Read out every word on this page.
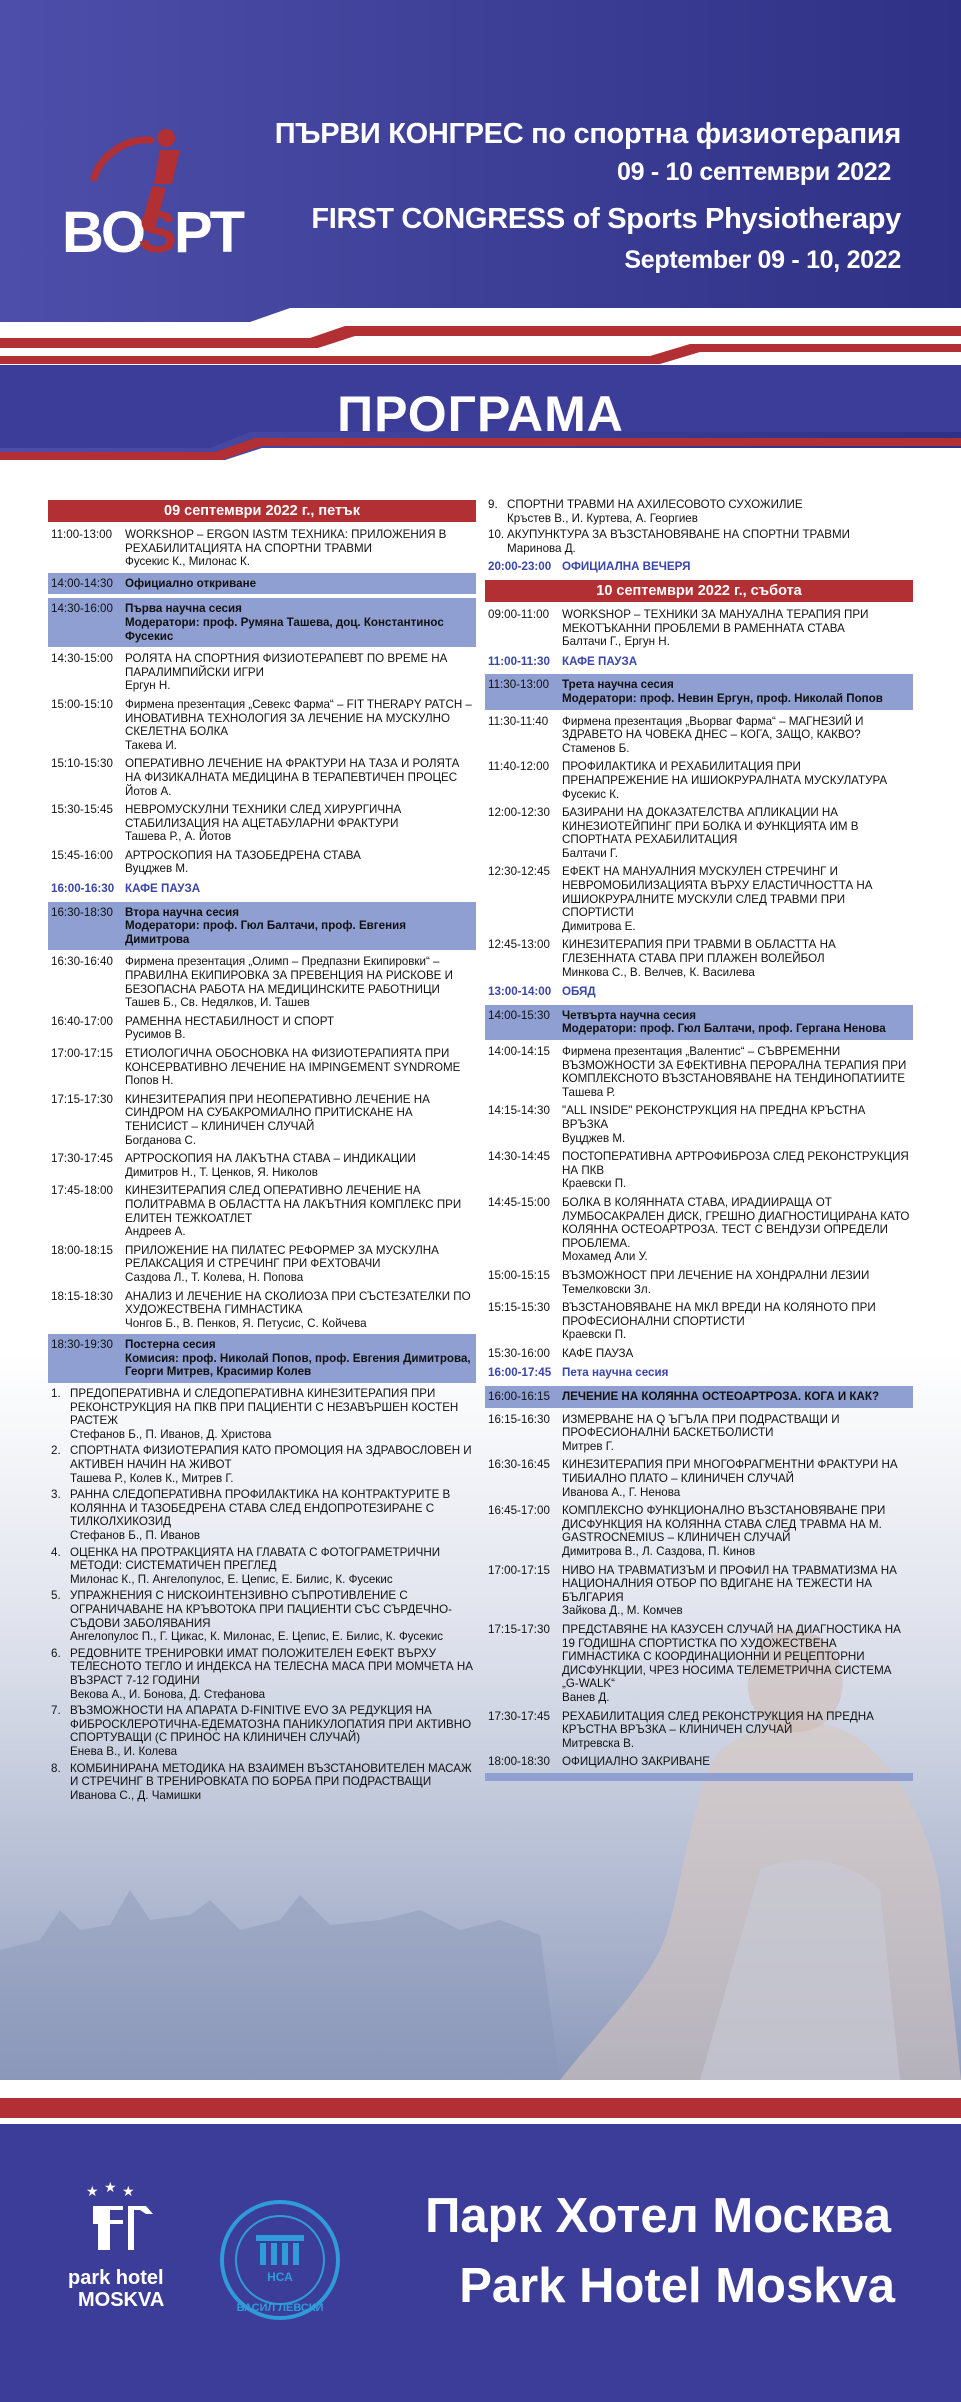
BO
S
PT
ПЪРВИ КОНГРЕС по спортна физиотерапия
09 - 10 септември 2022
FIRST CONGRESS of Sports Physiotherapy
September 09 - 10, 2022
ПРОГРАМА
09 септември 2022 г., петък
11:00-13:00	WORKSHOP – ERGON IASTM ТЕХНИКА: ПРИЛОЖЕНИЯ В РЕХАБИЛИТАЦИЯТА НА СПОРТНИ ТРАВМИ
Фусекис К., Милонас К.
14:00-14:30	Официално откриване
14:30-16:00	Първа научна сесия
Модератори: проф. Румяна Ташева, доц. Константинос Фусекис
14:30-15:00	РОЛЯТА НА СПОРТНИЯ ФИЗИОТЕРАПЕВТ ПО ВРЕМЕ НА ПАРАЛИМПИЙСКИ ИГРИ
Ергун Н.
15:00-15:10	Фирмена презентация „Севекс Фарма“ – FIT THERAPY PATCH – ИНОВАТИВНА ТЕХНОЛОГИЯ ЗА ЛЕЧЕНИЕ НА МУСКУЛНО СКЕЛЕТНА БОЛКА
Такева И.
15:10-15:30	ОПЕРАТИВНО ЛЕЧЕНИЕ НА ФРАКТУРИ НА ТАЗА И РОЛЯТА НА ФИЗИКАЛНАТА МЕДИЦИНА В ТЕРАПЕВТИЧЕН ПРОЦЕС
Йотов А.
15:30-15:45	НЕВРОМУСКУЛНИ ТЕХНИКИ СЛЕД ХИРУРГИЧНА СТАБИЛИЗАЦИЯ НА АЦЕТАБУЛАРНИ ФРАКТУРИ
Ташева Р., А. Йотов
15:45-16:00	АРТРОСКОПИЯ НА ТАЗОБЕДРЕНА СТАВА
Вуцджев М.
16:00-16:30 КАФЕ ПАУЗА
16:30-18:30	Втора научна сесия
Модератори: проф. Гюл Балтачи, проф. Евгения Димитрова
16:30-16:40	Фирмена презентация „Олимп – Предпазни Екипировки“ – ПРАВИЛНА ЕКИПИРОВКА ЗА ПРЕВЕНЦИЯ НА РИСКОВЕ И БЕЗОПАСНА РАБОТА НА МЕДИЦИНСКИТЕ РАБОТНИЦИ
Ташев Б., Св. Недялков, И. Ташев
16:40-17:00	РАМЕННА НЕСТАБИЛНОСТ И СПОРТ
Русимов В.
17:00-17:15	ЕТИОЛОГИЧНА ОБОСНОВКА НА ФИЗИОТЕРАПИЯТА ПРИ КОНСЕРВАТИВНО ЛЕЧЕНИЕ НА IMPINGEMENT SYNDROME
Попов Н.
17:15-17:30	КИНЕЗИТЕРАПИЯ ПРИ НЕОПЕРАТИВНО ЛЕЧЕНИЕ НА СИНДРОМ НА СУБАКРОМИАЛНО ПРИТИСКАНЕ НА ТЕНИСИСТ – КЛИНИЧЕН СЛУЧАЙ
Богданова С.
17:30-17:45	АРТРОСКОПИЯ НА ЛАКЪТНА СТАВА – ИНДИКАЦИИ
Димитров Н., Т. Ценков, Я. Николов
17:45-18:00	КИНЕЗИТЕРАПИЯ СЛЕД ОПЕРАТИВНО ЛЕЧЕНИЕ НА ПОЛИТРАВМА В ОБЛАСТТА НА ЛАКЪТНИЯ КОМПЛЕКС ПРИ ЕЛИТЕН ТЕЖКОАТЛЕТ
Андреев А.
18:00-18:15	ПРИЛОЖЕНИЕ НА ПИЛАТЕС РЕФОРМЕР ЗА МУСКУЛНА РЕЛАКСАЦИЯ И СТРЕЧИНГ ПРИ ФЕХТОВАЧИ
Саздова Л., Т. Колева, Н. Попова
18:15-18:30	АНАЛИЗ И ЛЕЧЕНИЕ НА СКОЛИОЗА ПРИ СЪСТЕЗАТЕЛКИ ПО ХУДОЖЕСТВЕНА ГИМНАСТИКА
Чонгов Б., В. Пенков, Я. Петусис, С. Койчева
18:30-19:30	Постерна сесия
Комисия: проф. Николай Попов, проф. Евгения Димитрова, Георги Митрев, Красимир Колев
1. ПРЕДОПЕРАТИВНА И СЛЕДОПЕРАТИВНА КИНЕЗИТЕРАПИЯ ПРИ РЕКОНСТРУКЦИЯ НА ПКВ ПРИ ПАЦИЕНТИ С НЕЗАВЪРШЕН КОСТЕН РАСТЕЖ
Стефанов Б., П. Иванов, Д. Христова
2. СПОРТНАТА ФИЗИОТЕРАПИЯ КАТО ПРОМОЦИЯ НА ЗДРАВОСЛОВЕН И АКТИВЕН НАЧИН НА ЖИВОТ
Ташева Р., Колев К., Митрев Г.
3. РАННА СЛЕДОПЕРАТИВНА ПРОФИЛАКТИКА НА КОНТРАКТУРИТЕ В КОЛЯННА И ТАЗОБЕДРЕНА СТАВА СЛЕД ЕНДОПРОТЕЗИРАНЕ С ТИЛКОЛХИКОЗИД
Стефанов Б., П. Иванов
4. ОЦЕНКА НА ПРОТРАКЦИЯТА НА ГЛАВАТА С ФОТОГРАМЕТРИЧНИ МЕТОДИ: СИСТЕМАТИЧЕН ПРЕГЛЕД
Милонас К., П. Ангелопулос, Е. Цепис, Е. Билис, К. Фусекис
5. УПРАЖНЕНИЯ С НИСКОИНТЕНЗИВНО СЪПРОТИВЛЕНИЕ С ОГРАНИЧАВАНЕ НА КРЪВОТОКА ПРИ ПАЦИЕНТИ СЪС СЪРДЕЧНО-СЪДОВИ ЗАБОЛЯВАНИЯ
Ангелопулос П., Г. Цикас, К. Милонас, Е. Цепис, Е. Билис, К. Фусекис
6. РЕДОВНИТЕ ТРЕНИРОВКИ ИМАТ ПОЛОЖИТЕЛЕН ЕФЕКТ ВЪРХУ ТЕЛЕСНОТО ТЕГЛО И ИНДЕКСА НА ТЕЛЕСНА МАСА ПРИ МОМЧЕТА НА ВЪЗРАСТ 7-12 ГОДИНИ
Векова А., И. Бонова, Д. Стефанова
7. ВЪЗМОЖНОСТИ НА АПАРАТА D-FINITIVE EVO ЗА РЕДУКЦИЯ НА ФИБРОСКЛЕРОТИЧНА-ЕДЕМАТОЗНА ПАНИКУЛОПАТИЯ ПРИ АКТИВНО СПОРТУВАЩИ (С ПРИНОС НА КЛИНИЧЕН СЛУЧАЙ)
Енева В., И. Колева
8. КОМБИНИРАНА МЕТОДИКА НА ВЗАИМЕН ВЪЗСТАНОВИТЕЛЕН МАСАЖ И СТРЕЧИНГ В ТРЕНИРОВКАТА ПО БОРБА ПРИ ПОДРАСТВАЩИ
Иванова С., Д. Чамишки
9. СПОРТНИ ТРАВМИ НА АХИЛЕСОВОТО СУХОЖИЛИЕ
Кръстев В., И. Куртева, А. Георгиев
10. АКУПУНКТУРА ЗА ВЪЗСТАНОВЯВАНЕ НА СПОРТНИ ТРАВМИ
Маринова Д.
20:00-23:00 ОФИЦИАЛНА ВЕЧЕРЯ
10 септември 2022 г., събота
09:00-11:00	WORKSHOP – ТЕХНИКИ ЗА МАНУАЛНА ТЕРАПИЯ ПРИ МЕКОТЪКАННИ ПРОБЛЕМИ В РАМЕННАТА СТАВА
Балтачи Г., Ергун Н.
11:00-11:30	КАФЕ ПАУЗА
11:30-13:00	Трета научна сесия
Модератори: проф. Невин Ергун, проф. Николай Попов
11:30-11:40	Фирмена презентация „Вьорваг Фарма“ – МАГНЕЗИЙ И ЗДРАВЕТО НА ЧОВЕКА ДНЕС – КОГА, ЗАЩО, КАКВО?
Стаменов Б.
11:40-12:00	ПРОФИЛАКТИКА И РЕХАБИЛИТАЦИЯ ПРИ ПРЕНАПРЕЖЕНИЕ НА ИШИОКРУРАЛНАТА МУСКУЛАТУРА
Фусекис К.
12:00-12:30	БАЗИРАНИ НА ДОКАЗАТЕЛСТВА АПЛИКАЦИИ НА КИНЕЗИОТЕЙПИНГ ПРИ БОЛКА И ФУНКЦИЯТА ИМ В СПОРТНАТА РЕХАБИЛИТАЦИЯ
Балтачи Г.
12:30-12:45	ЕФЕКТ НА МАНУАЛНИЯ МУСКУЛЕН СТРЕЧИНГ И НЕВРОМОБИЛИЗАЦИЯТА ВЪРХУ ЕЛАСТИЧНОСТТА НА ИШИОКРУРАЛНИТЕ МУСКУЛИ СЛЕД ТРАВМИ ПРИ СПОРТИСТИ
Димитрова Е.
12:45-13:00	КИНЕЗИТЕРАПИЯ ПРИ ТРАВМИ В ОБЛАСТТА НА ГЛЕЗЕННАТА СТАВА ПРИ ПЛАЖЕН ВОЛЕЙБОЛ
Минкова С., В. Велчев, К. Василева
13:00-14:00 ОБЯД
14:00-15:30	Четвърта научна сесия
Модератори: проф. Гюл Балтачи, проф. Гергана Ненова
14:00-14:15	Фирмена презентация „Валентис“ – СЪВРЕМЕННИ ВЪЗМОЖНОСТИ ЗА ЕФЕКТИВНА ПЕРОРАЛНА ТЕРАПИЯ ПРИ КОМПЛЕКСНОТО ВЪЗСТАНОВЯВАНЕ НА ТЕНДИНОПАТИИТЕ
Ташева Р.
14:15-14:30	"ALL INSIDE" РЕКОНСТРУКЦИЯ НА ПРЕДНА КРЪСТНА ВРЪЗКА
Вуцджев М.
14:30-14:45	ПОСТОПЕРАТИВНА АРТРОФИБРОЗА СЛЕД РЕКОНСТРУКЦИЯ НА ПКВ
Краевски П.
14:45-15:00	БОЛКА В КОЛЯННАТА СТАВА, ИРАДИИРАЩА ОТ ЛУМБОСАКРАЛЕН ДИСК, ГРЕШНО ДИАГНОСТИЦИРАНА КАТО КОЛЯННА ОСТЕОАРТРОЗА. ТЕСТ С ВЕНДУЗИ ОПРЕДЕЛИ ПРОБЛЕМА.
Мохамед Али У.
15:00-15:15	ВЪЗМОЖНОСТ ПРИ ЛЕЧЕНИЕ НА ХОНДРАЛНИ ЛЕЗИИ
Темелковски Зл.
15:15-15:30	ВЪЗСТАНОВЯВАНЕ НА МКЛ ВРЕДИ НА КОЛЯНОТО ПРИ ПРОФЕСИОНАЛНИ СПОРТИСТИ
Краевски П.
15:30-16:00	КАФЕ ПАУЗА
16:00-17:45 Пета научна сесия
16:00-16:15	ЛЕЧЕНИЕ НА КОЛЯННА ОСТЕОАРТРОЗА. КОГА И КАК?
16:15-16:30	ИЗМЕРВАНЕ НА Q ЪГЪЛА ПРИ ПОДРАСТВАЩИ И ПРОФЕСИОНАЛНИ БАСКЕТБОЛИСТИ
Митрев Г.
16:30-16:45	КИНЕЗИТЕРАПИЯ ПРИ МНОГОФРАГМЕНТНИ ФРАКТУРИ НА ТИБИАЛНО ПЛАТО – КЛИНИЧЕН СЛУЧАЙ
Иванова А., Г. Ненова
16:45-17:00	КОМПЛЕКСНО ФУНКЦИОНАЛНО ВЪЗСТАНОВЯВАНЕ ПРИ ДИСФУНКЦИЯ НА КОЛЯННА СТАВА СЛЕД ТРАВМА НА М. GASTROCNEMIUS – КЛИНИЧЕН СЛУЧАЙ
Димитрова В., Л. Саздова, П. Кинов
17:00-17:15	НИВО НА ТРАВМАТИЗЪМ И ПРОФИЛ НА ТРАВМАТИЗМА НА НАЦИОНАЛНИЯ ОТБОР ПО ВДИГАНЕ НА ТЕЖЕСТИ НА БЪЛГАРИЯ
Зайкова Д., М. Комчев
17:15-17:30	ПРЕДСТАВЯНЕ НА КАЗУСЕН СЛУЧАЙ НА ДИАГНОСТИКА НА 19 ГОДИШНА СПОРТИСТКА ПО ХУДОЖЕСТВЕНА ГИМНАСТИКА С КООРДИНАЦИОННИ И РЕЦЕПТОРНИ ДИСФУНКЦИИ, ЧРЕЗ НОСИМА ТЕЛЕМЕТРИЧНА СИСТЕМА „G-WALK“
Ванев Д.
17:30-17:45	РЕХАБИЛИТАЦИЯ СЛЕД РЕКОНСТРУКЦИЯ НА ПРЕДНА КРЪСТНА ВРЪЗКА – КЛИНИЧЕН СЛУЧАЙ
Митревска В.
18:00-18:30	ОФИЦИАЛНО ЗАКРИВАНЕ
★ ★ ★
park hotel
MOSKVA
НСА
ВАСИЛ ЛЕВСКИ
Парк Хотел Москва
Park Hotel Moskva
